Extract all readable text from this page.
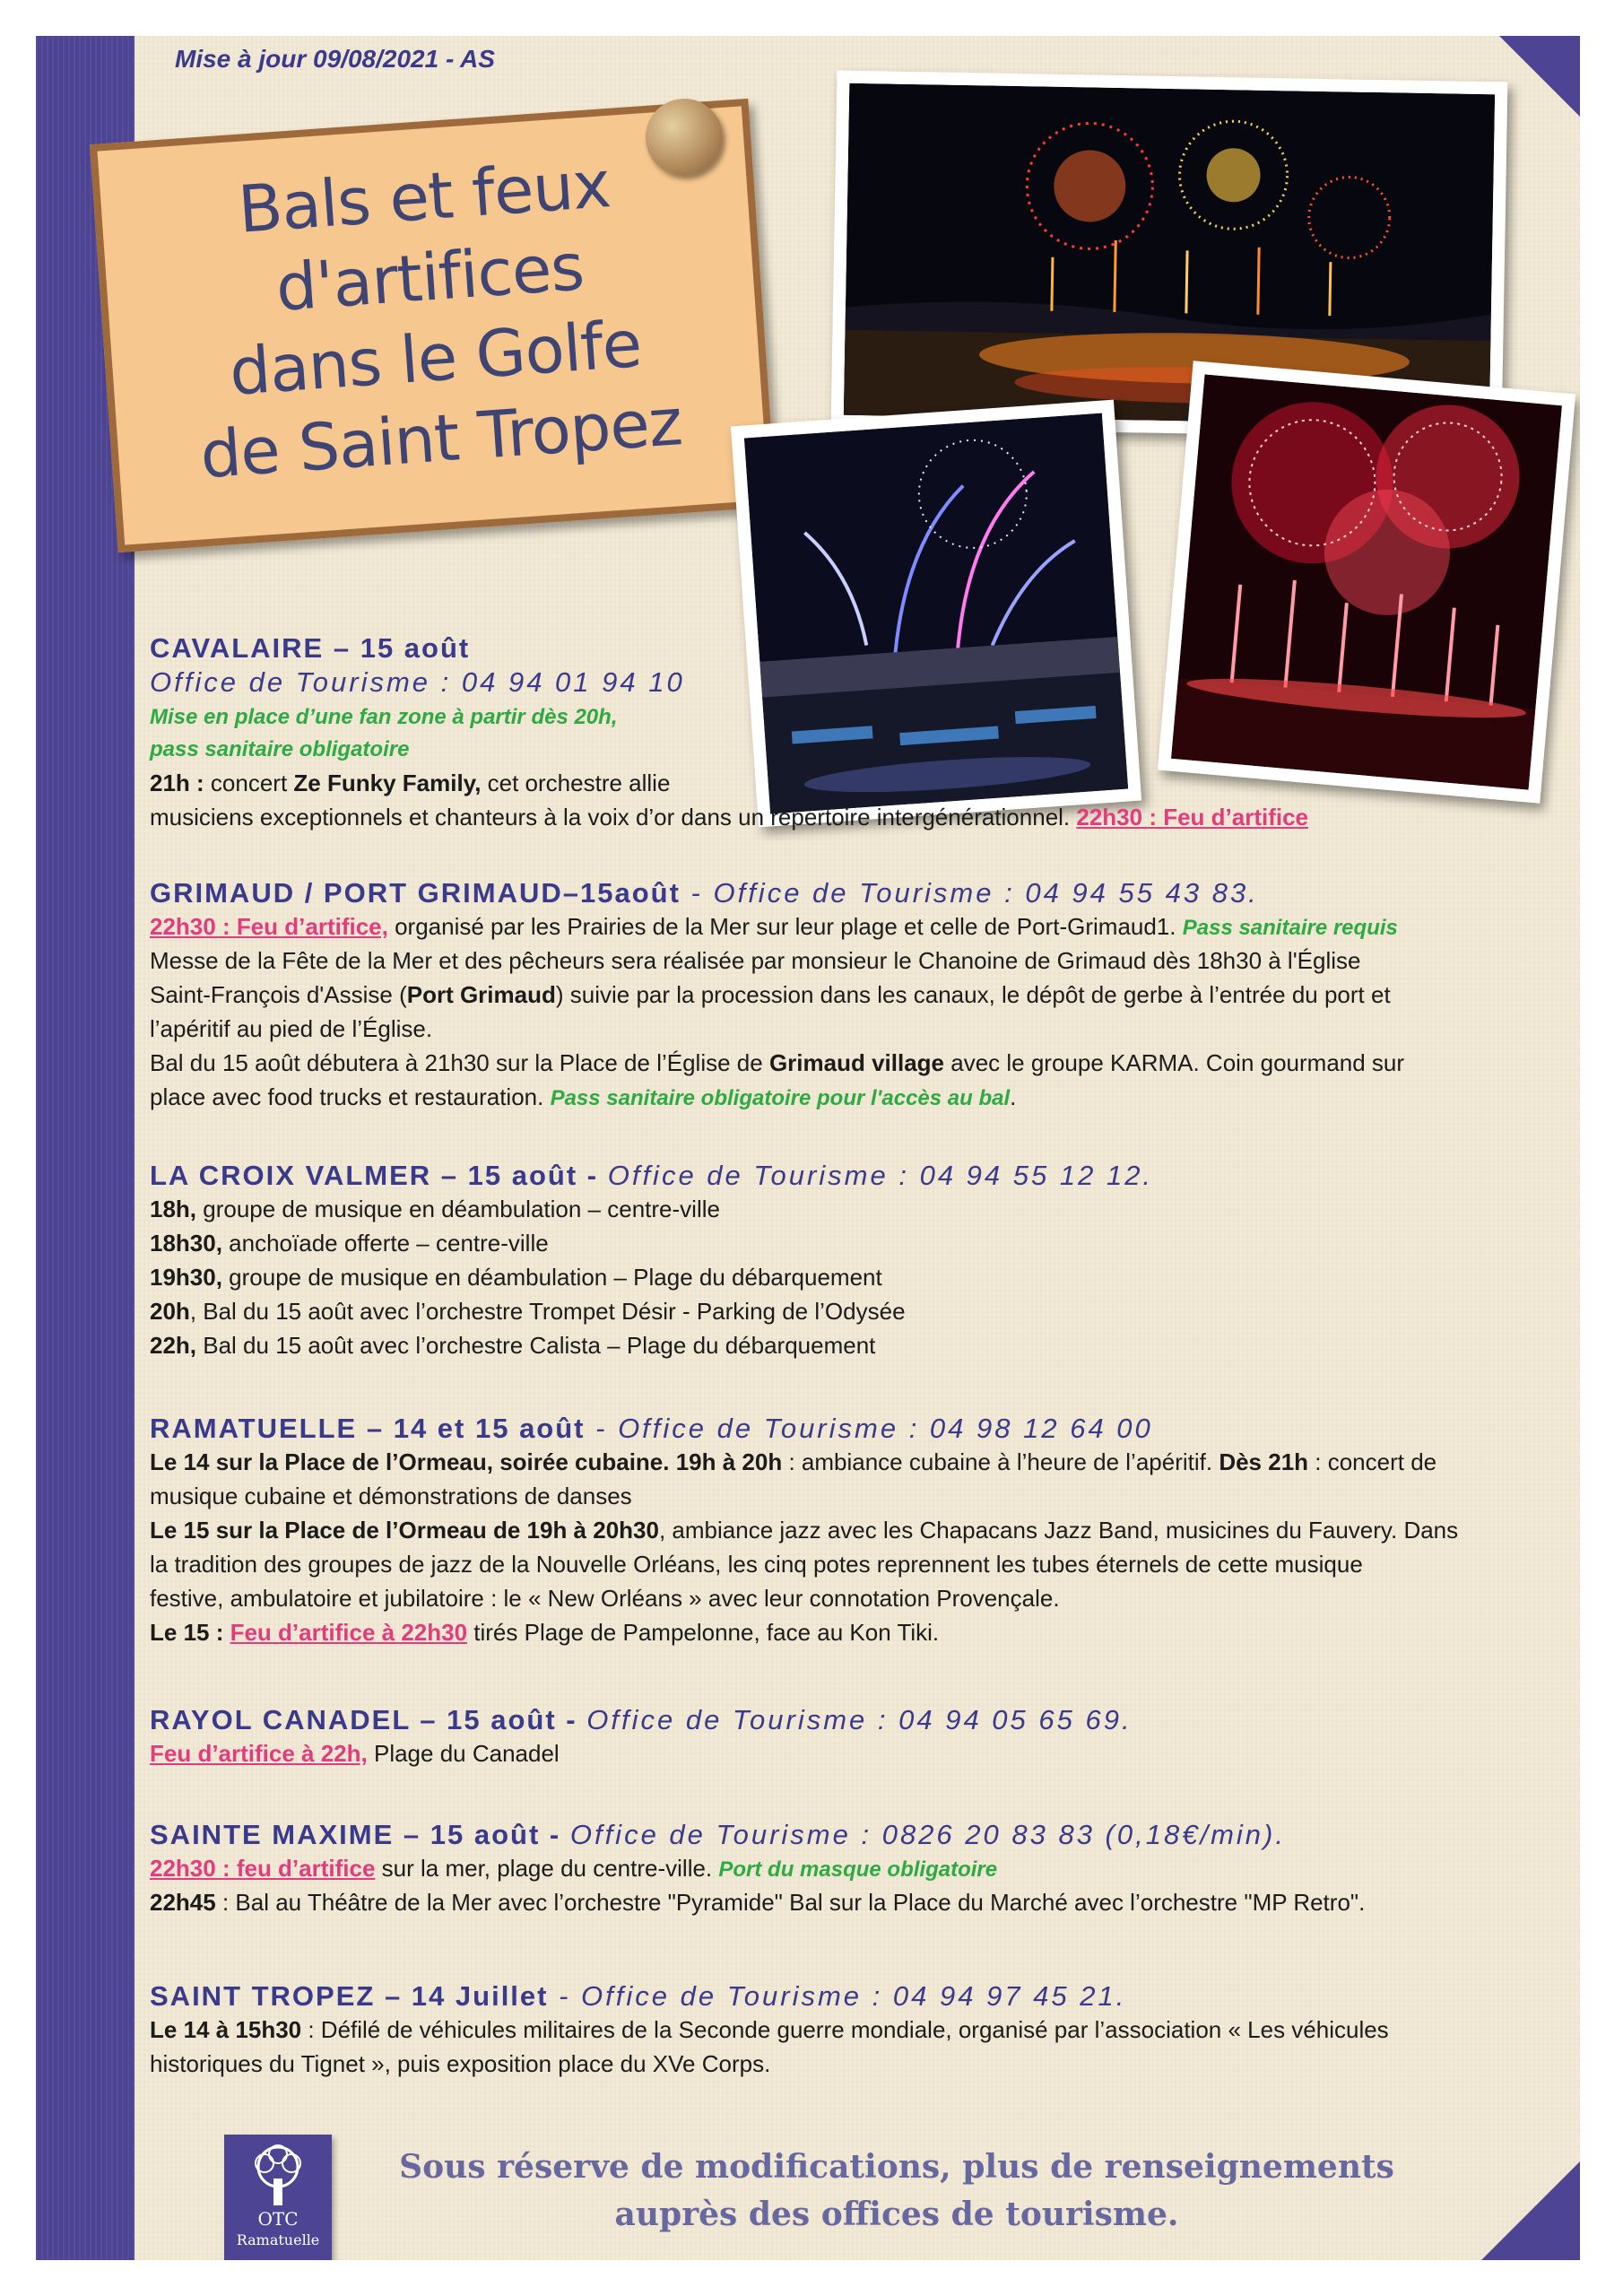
Mise à jour 09/08/2021 - AS
Bals et feux
d'artifices
dans le Golfe
de Saint Tropez
CAVALAIRE – 15 août
Office de Tourisme : 04 94 01 94 10
Mise en place d’une fan zone à partir dès 20h,
pass sanitaire obligatoire
21h : concert Ze Funky Family, cet orchestre allie
musiciens exceptionnels et chanteurs à la voix d’or dans un répertoire intergénérationnel. 22h30 : Feu d’artifice
GRIMAUD / PORT GRIMAUD–15août - Office de Tourisme : 04 94 55 43 83.
22h30 : Feu d’artifice, organisé par les Prairies de la Mer sur leur plage et celle de Port-Grimaud1. Pass sanitaire requis
Messe de la Fête de la Mer et des pêcheurs sera réalisée par monsieur le Chanoine de Grimaud dès 18h30 à l'Église
Saint-François d'Assise (Port Grimaud) suivie par la procession dans les canaux, le dépôt de gerbe à l’entrée du port et
l’apéritif au pied de l’Église.
Bal du 15 août débutera à 21h30 sur la Place de l’Église de Grimaud village avec le groupe KARMA. Coin gourmand sur
place avec food trucks et restauration. Pass sanitaire obligatoire pour l'accès au bal.
LA CROIX VALMER – 15 août - Office de Tourisme : 04 94 55 12 12.
18h, groupe de musique en déambulation – centre-ville
18h30, anchoïade offerte – centre-ville
19h30, groupe de musique en déambulation – Plage du débarquement
20h, Bal du 15 août avec l’orchestre Trompet Désir - Parking de l’Odysée
22h, Bal du 15 août avec l’orchestre Calista – Plage du débarquement
RAMATUELLE – 14 et 15 août - Office de Tourisme : 04 98 12 64 00
Le 14 sur la Place de l’Ormeau, soirée cubaine. 19h à 20h : ambiance cubaine à l’heure de l’apéritif. Dès 21h : concert de
musique cubaine et démonstrations de danses
Le 15 sur la Place de l’Ormeau de 19h à 20h30, ambiance jazz avec les Chapacans Jazz Band, musicines du Fauvery. Dans
la tradition des groupes de jazz de la Nouvelle Orléans, les cinq potes reprennent les tubes éternels de cette musique
festive, ambulatoire et jubilatoire : le « New Orléans » avec leur connotation Provençale.
Le 15 : Feu d’artifice à 22h30 tirés Plage de Pampelonne, face au Kon Tiki.
RAYOL CANADEL – 15 août - Office de Tourisme : 04 94 05 65 69.
Feu d’artifice à 22h, Plage du Canadel
SAINTE MAXIME – 15 août - Office de Tourisme : 0826 20 83 83 (0,18€/min).
22h30 : feu d’artifice sur la mer, plage du centre-ville. Port du masque obligatoire
22h45 : Bal au Théâtre de la Mer avec l’orchestre "Pyramide" Bal sur la Place du Marché avec l’orchestre "MP Retro".
SAINT TROPEZ – 14 Juillet - Office de Tourisme : 04 94 97 45 21.
Le 14 à 15h30 : Défilé de véhicules militaires de la Seconde guerre mondiale, organisé par l’association « Les véhicules
historiques du Tignet », puis exposition place du XVe Corps.
OTC
Ramatuelle
Sous réserve de modifications, plus de renseignements
auprès des offices de tourisme.
